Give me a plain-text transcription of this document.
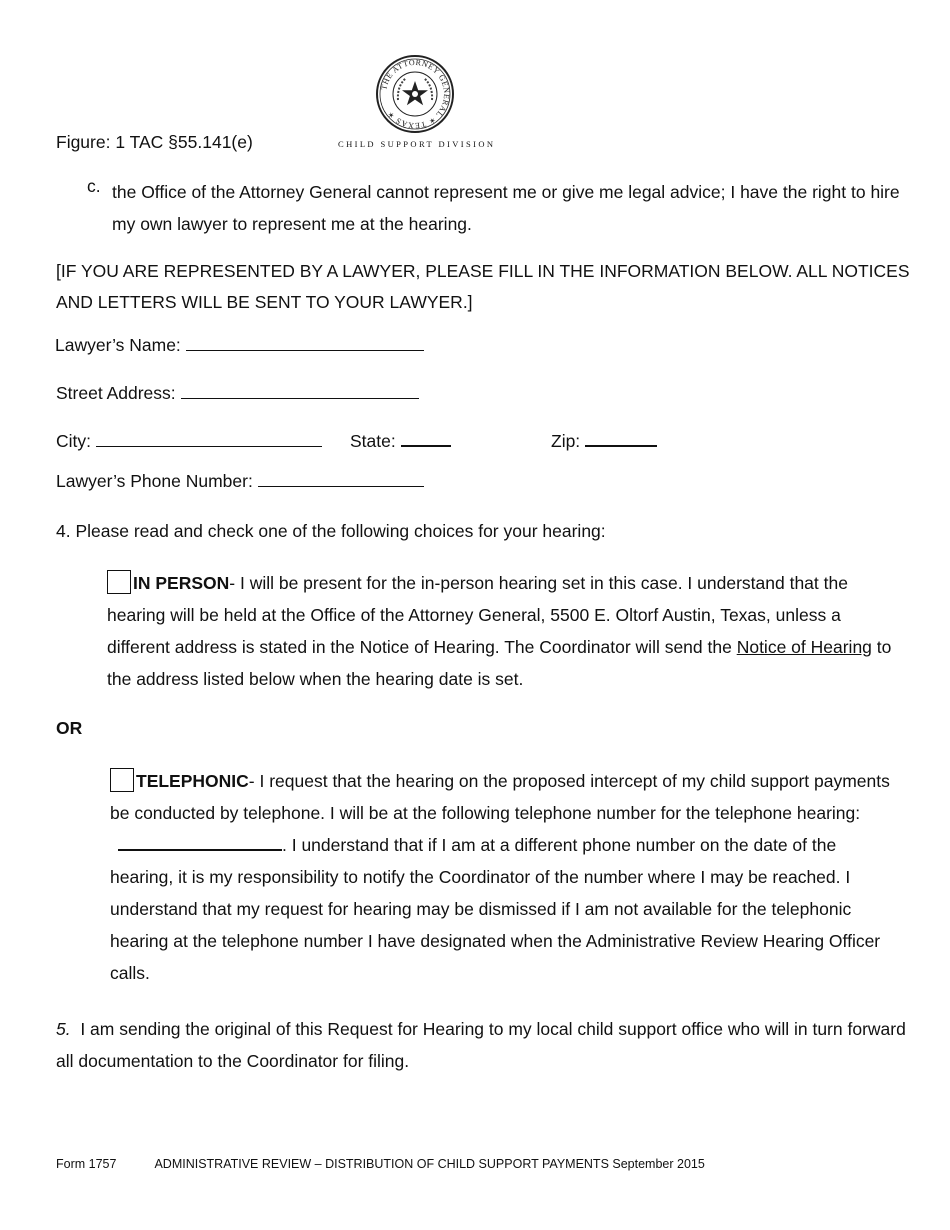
THE ATTORNEY GENERAL ✶ TEXAS ✶
CHILD SUPPORT DIVISION
Figure: 1 TAC §55.141(e)
c. the Office of the Attorney General cannot represent me or give me legal advice; I have the right to hire my own lawyer to represent me at the hearing.
[IF YOU ARE REPRESENTED BY A LAWYER, PLEASE FILL IN THE INFORMATION BELOW. ALL NOTICES AND LETTERS WILL BE SENT TO YOUR LAWYER.]
Lawyer’s Name:
Street Address:
City:	State:	Zip:
Lawyer’s Phone Number:
4. Please read and check one of the following choices for your hearing:
IN PERSON- I will be present for the in-person hearing set in this case. I understand that the hearing will be held at the Office of the Attorney General, 5500 E. Oltorf Austin, Texas, unless a different address is stated in the Notice of Hearing. The Coordinator will send the Notice of Hearing to the address listed below when the hearing date is set.
OR
TELEPHONIC- I request that the hearing on the proposed intercept of my child support payments be conducted by telephone. I will be at the following telephone number for the telephone hearing: . I understand that if I am at a different phone number on the date of the hearing, it is my responsibility to notify the Coordinator of the number where I may be reached. I understand that my request for hearing may be dismissed if I am not available for the telephonic hearing at the telephone number I have designated when the Administrative Review Hearing Officer calls.
5.  I am sending the original of this Request for Hearing to my local child support office who will in turn forward all documentation to the Coordinator for filing.
Form 1757	ADMINISTRATIVE REVIEW – DISTRIBUTION OF CHILD SUPPORT PAYMENTS September 2015
